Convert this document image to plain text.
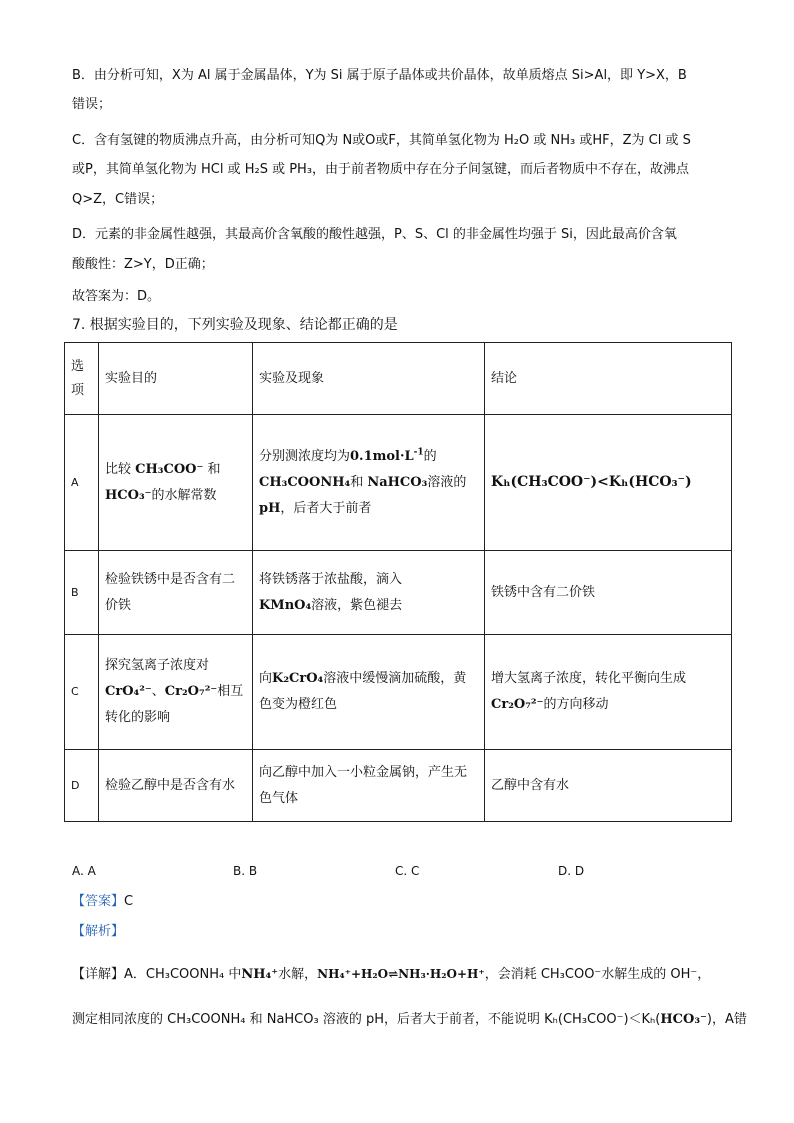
B．由分析可知，X为 Al 属于金属晶体，Y为 Si 属于原子晶体或共价晶体，故单质熔点 Si>Al，即 Y>X，B
错误；
C．含有氢键的物质沸点升高，由分析可知Q为 N或O或F，其简单氢化物为 H₂O 或 NH₃ 或HF，Z为 Cl 或 S
或P，其简单氢化物为 HCl 或 H₂S 或 PH₃，由于前者物质中存在分子间氢键，而后者物质中不存在，故沸点
Q>Z，C错误；
D．元素的非金属性越强，其最高价含氧酸的酸性越强，P、S、Cl 的非金属性均强于 Si，因此最高价含氧
酸酸性：Z>Y，D正确；
故答案为：D。
7. 根据实验目的，下列实验及现象、结论都正确的是
选项	实验目的	实验及现象	结论
A	比较 CH₃COO⁻ 和
HCO₃⁻的水解常数	分别测浓度均为$0.1mol\cdot L^{-1}$的
CH₃COONH₄和 NaHCO₃溶液的
pH，后者大于前者	Kₕ(CH₃COO⁻)<Kₕ(HCO₃⁻)
B	检验铁锈中是否含有二价铁	将铁锈落于浓盐酸，滴入
KMnO₄溶液，紫色褪去	铁锈中含有二价铁
C	探究氢离子浓度对
CrO₄²⁻、Cr₂O₇²⁻相互转化的影响	向K₂CrO₄溶液中缓慢滴加硫酸，黄色变为橙红色	增大氢离子浓度，转化平衡向生成
Cr₂O₇²⁻的方向移动
D	检验乙醇中是否含有水	向乙醇中加入一小粒金属钠，产生无色气体	乙醇中含有水
A. A	B. B	C. C	D. D
【答案】C
【解析】
【详解】A．CH₃COONH₄ 中NH₄⁺水解，NH₄⁺+H₂O⇌NH₃·H₂O+H⁺，会消耗 CH₃COO⁻水解生成的 OH⁻，
测定相同浓度的 CH₃COONH₄ 和 NaHCO₃ 溶液的 pH，后者大于前者，不能说明 Kₕ(CH₃COO⁻)＜Kₕ(HCO₃⁻)，A错
